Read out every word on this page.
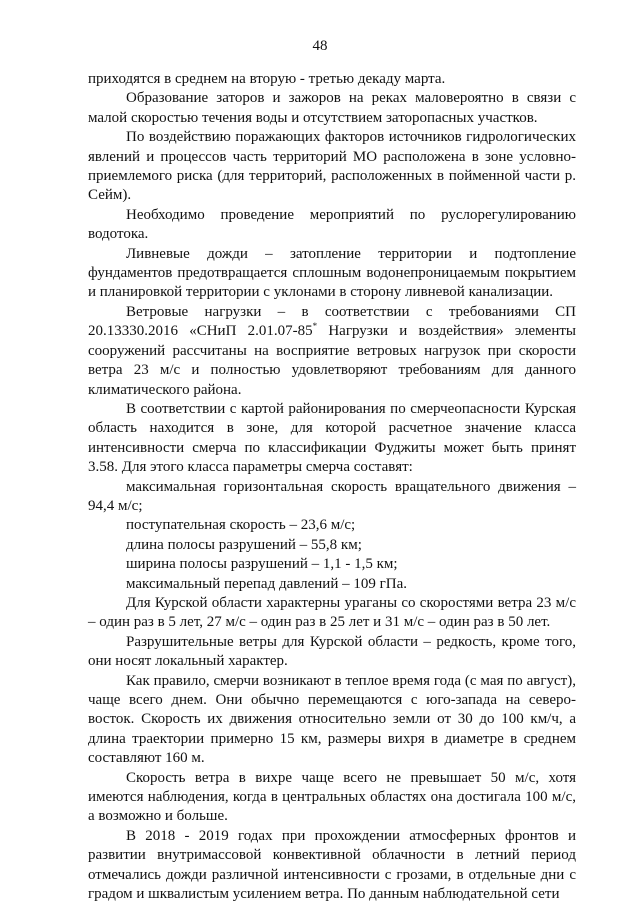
48

приходятся в среднем на вторую - третью декаду марта.

Образование заторов и зажоров на реках маловероятно в связи с малой скоростью течения воды и отсутствием заторопасных участков.

По воздействию поражающих факторов источников гидрологических явлений и процессов часть территорий МО расположена в зоне условно-приемлемого риска (для территорий, расположенных в пойменной части р. Сейм).

Необходимо проведение мероприятий по руслорегулированию водотока.

Ливневые дожди – затопление территории и подтопление фундаментов предотвращается сплошным водонепроницаемым покрытием и планировкой территории с уклонами в сторону ливневой канализации.

Ветровые нагрузки – в соответствии с требованиями СП 20.13330.2016 «СНиП 2.01.07-85* Нагрузки и воздействия» элементы сооружений рассчитаны на восприятие ветровых нагрузок при скорости ветра 23 м/с и полностью удовлетворяют требованиям для данного климатического района.

В соответствии с картой районирования по смерчеопасности Курская область находится в зоне, для которой расчетное значение класса интенсивности смерча по классификации Фуджиты может быть принят 3.58. Для этого класса параметры смерча составят:

максимальная горизонтальная скорость вращательного движения – 94,4 м/с;

поступательная скорость – 23,6 м/с;

длина полосы разрушений – 55,8 км;

ширина полосы разрушений – 1,1 - 1,5 км;

максимальный перепад давлений – 109 гПа.

Для Курской области характерны ураганы со скоростями ветра 23 м/с – один раз в 5 лет, 27 м/с – один раз в 25 лет и 31 м/с – один раз в 50 лет.

Разрушительные ветры для Курской области – редкость, кроме того, они носят локальный характер.

Как правило, смерчи возникают в теплое время года (с мая по август), чаще всего днем. Они обычно перемещаются с юго-запада на северо-восток. Скорость их движения относительно земли от 30 до 100 км/ч, а длина траектории примерно 15 км, размеры вихря в диаметре в среднем составляют 160 м.

Скорость ветра в вихре чаще всего не превышает 50 м/с, хотя имеются наблюдения, когда в центральных областях она достигала 100 м/с, а возможно и больше.

В 2018 - 2019 годах при прохождении атмосферных фронтов и развитии внутримассовой конвективной облачности в летний период отмечались дожди различной интенсивности с грозами, в отдельные дни с градом и шквалистым усилением ветра. По данным наблюдательной сети
